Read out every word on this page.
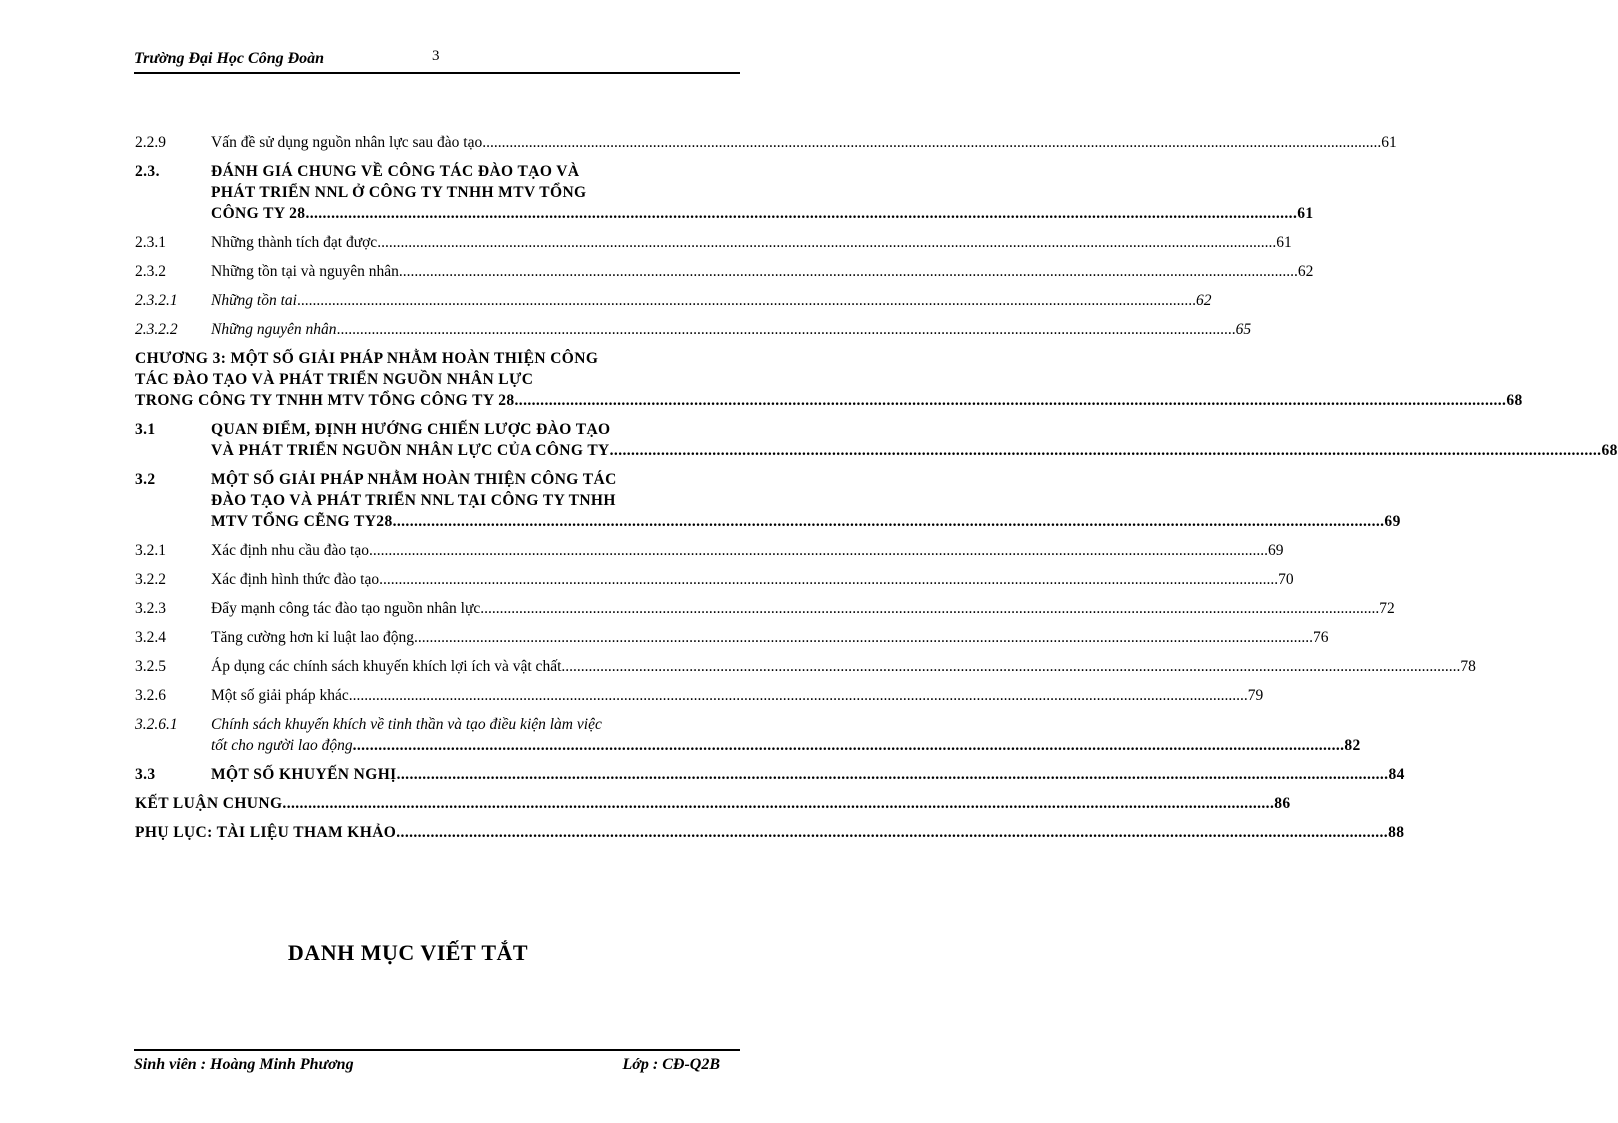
Trường Đại Học Công Đoàn	3
2.2.9	Vấn đề sử dụng nguồn nhân lực sau đào tạo .....	61
2.3.	ĐÁNH GIÁ CHUNG VỀ CÔNG TÁC ĐÀO TẠO VÀ
PHÁT TRIỂN NNL Ở CÔNG TY TNHH MTV TỔNG
CÔNG TY 28 .....	61
2.3.1	Những thành tích đạt được .....	61
2.3.2	Những tồn tại và nguyên nhân .....	62
2.3.2.1	Những tồn tai .....	62
2.3.2.2	Những nguyên nhân .....	65
CHƯƠNG 3: MỘT SỐ GIẢI PHÁP NHẰM HOÀN THIỆN CÔNG
TÁC ĐÀO TẠO VÀ PHÁT TRIỂN NGUỒN NHÂN LỰC
TRONG CÔNG TY TNHH MTV TỔNG CÔNG TY 28 .....	68
3.1	QUAN ĐIỂM, ĐỊNH HƯỚNG CHIẾN LƯỢC ĐÀO TẠO
VÀ PHÁT TRIỂN NGUỒN NHÂN LỰC CỦA CÔNG TY .....	68
3.2	MỘT SỐ GIẢI PHÁP NHẰM HOÀN THIỆN CÔNG TÁC
ĐÀO TẠO VÀ PHÁT TRIỂN NNL TẠI CÔNG TY TNHH
MTV TỔNG CẼNG TY28 .....	69
3.2.1	Xác định nhu cầu đào tạo .....	69
3.2.2	Xác định hình thức đào tạo .....	70
3.2.3	Đẩy mạnh công tác đào tạo nguồn nhân lực .....	72
3.2.4	Tăng cường hơn kỉ luật lao động .....	76
3.2.5	Áp dụng các chính sách khuyến khích lợi ích và vật chất .....	78
3.2.6	Một số giải pháp khác .....	79
3.2.6.1	Chính sách khuyến khích về tinh thần và tạo điều kiện làm việc
tốt cho người lao động .....	82
3.3	MỘT SỐ KHUYẾN NGHỊ .....	84
KẾT LUẬN CHUNG .....	86
PHỤ LỤC: TÀI LIỆU THAM KHẢO .....	88
DANH MỤC VIẾT TẮT
Sinh viên : Hoàng Minh Phương	Lớp : CĐ-Q2B
